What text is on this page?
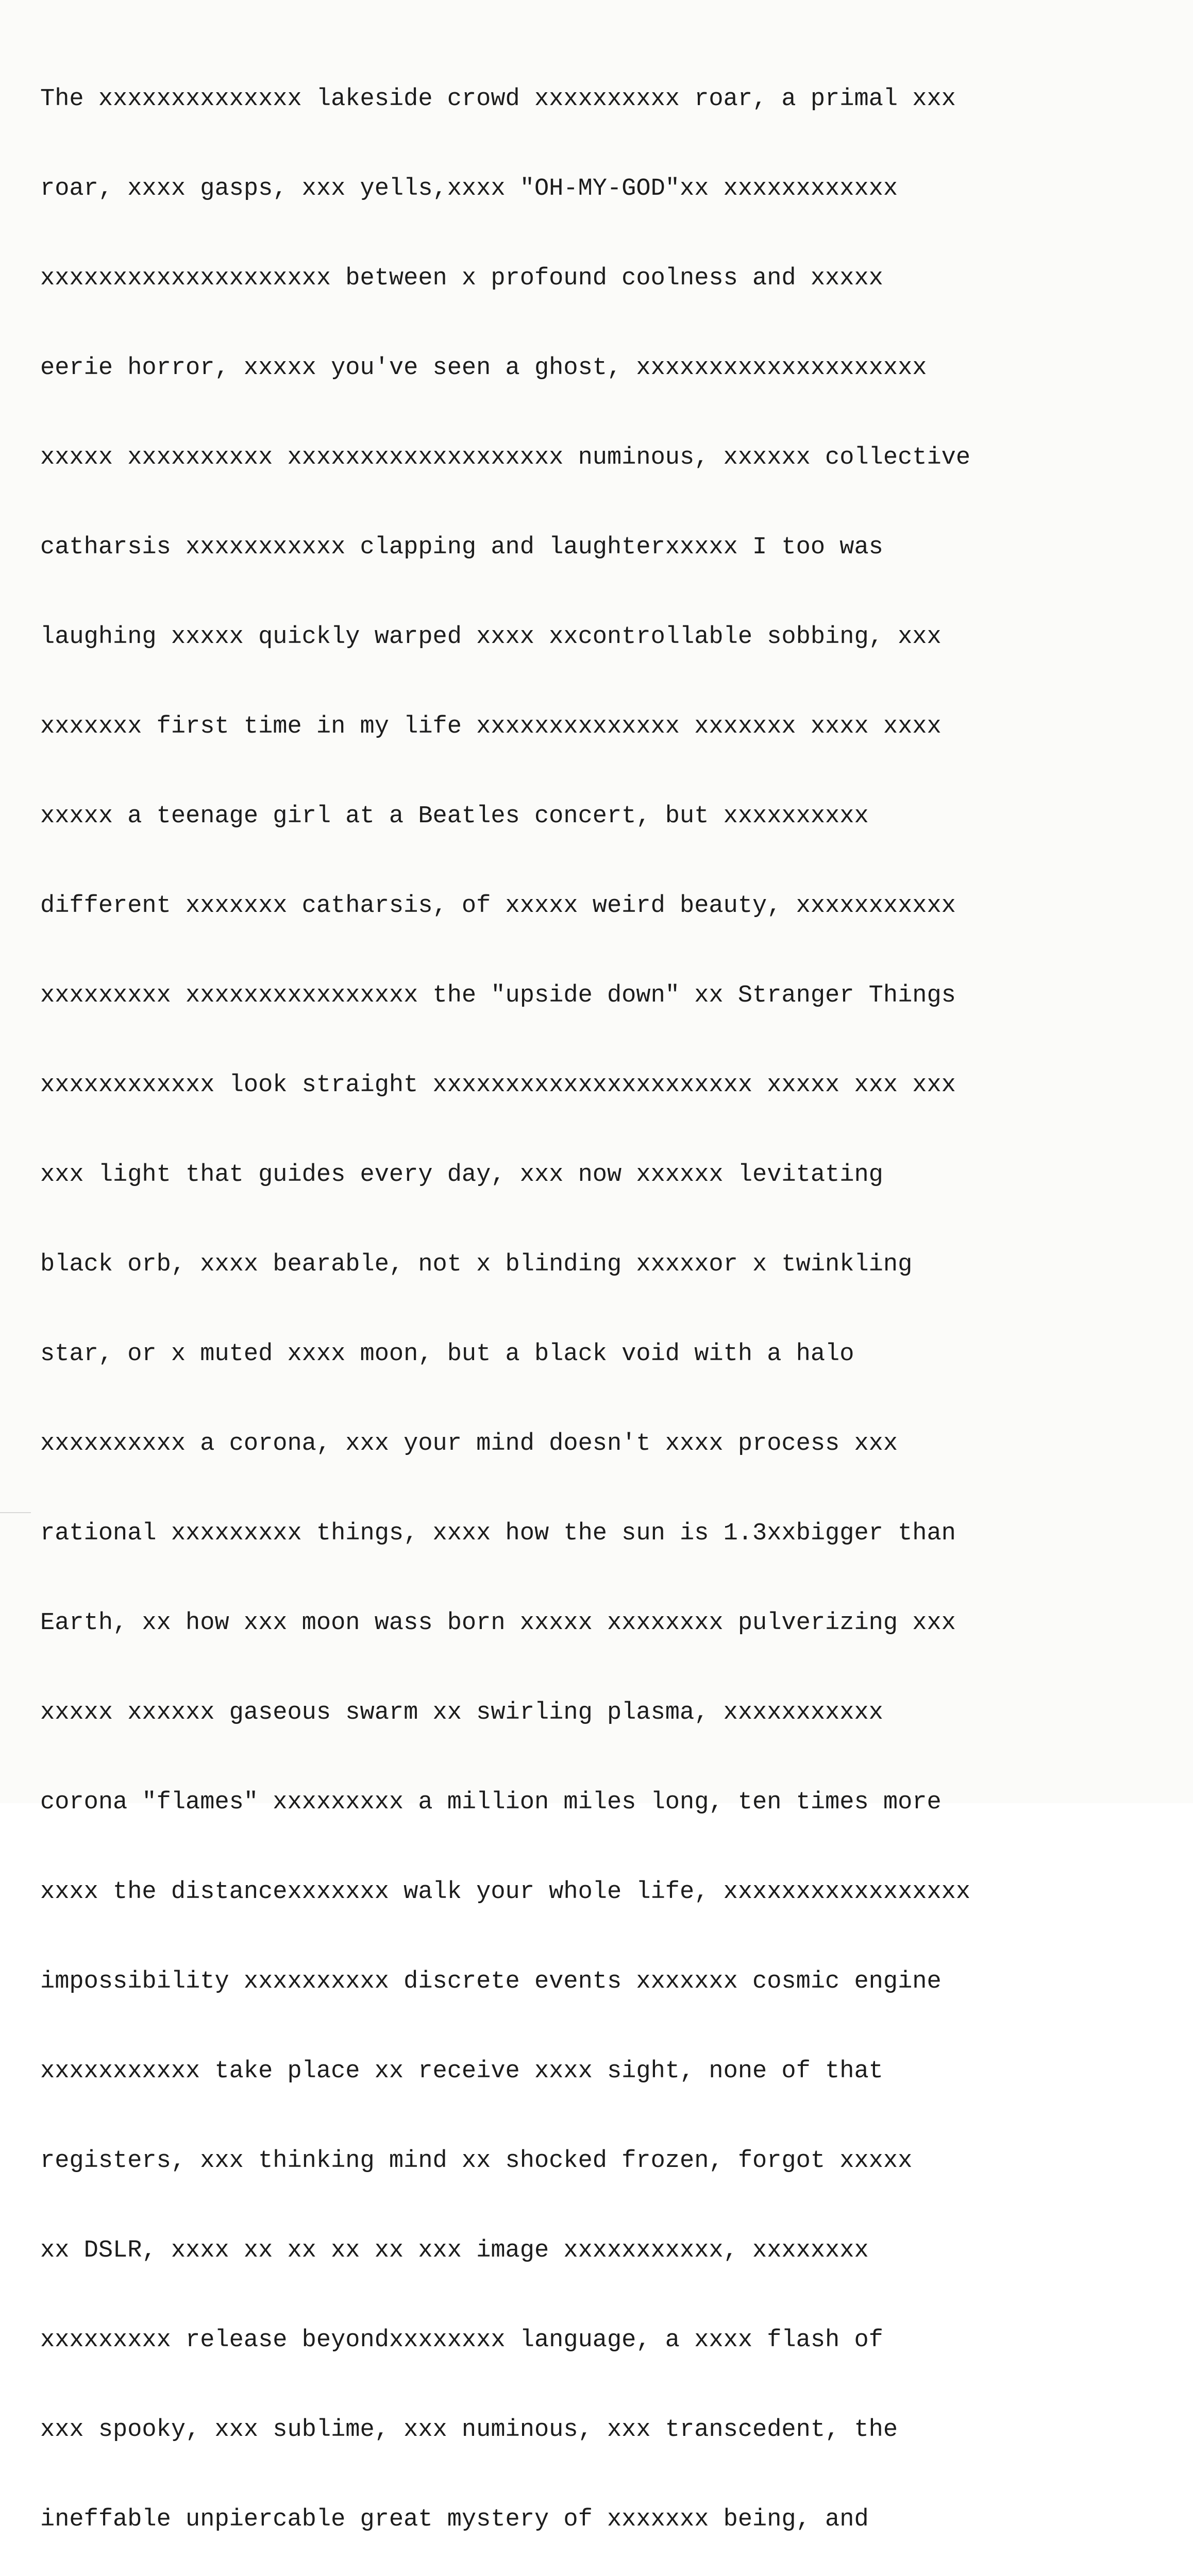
The xxxxxxxxxxxxxx lakeside crowd xxxxxxxxxx roar, a primal xxx

roar, xxxx gasps, xxx yells,xxxx "OH-MY-GOD"xx xxxxxxxxxxxx

xxxxxxxxxxxxxxxxxxxx between x profound coolness and xxxxx

eerie horror, xxxxx you've seen a ghost, xxxxxxxxxxxxxxxxxxxx

xxxxx xxxxxxxxxx xxxxxxxxxxxxxxxxxxx numinous, xxxxxx collective

catharsis xxxxxxxxxxx clapping and laughterxxxxx I too was

laughing xxxxx quickly warped xxxx xxcontrollable sobbing, xxx

xxxxxxx first time in my life xxxxxxxxxxxxxx xxxxxxx xxxx xxxx

xxxxx a teenage girl at a Beatles concert, but xxxxxxxxxx

different xxxxxxx catharsis, of xxxxx weird beauty, xxxxxxxxxxx

xxxxxxxxx xxxxxxxxxxxxxxxx the "upside down" xx Stranger Things

xxxxxxxxxxxx look straight xxxxxxxxxxxxxxxxxxxxxx xxxxx xxx xxx

xxx light that guides every day, xxx now xxxxxx levitating

black orb, xxxx bearable, not x blinding xxxxxor x twinkling

star, or x muted xxxx moon, but a black void with a halo

xxxxxxxxxx a corona, xxx your mind doesn't xxxx process xxx

rational xxxxxxxxx things, xxxx how the sun is 1.3xxbigger than

Earth, xx how xxx moon wass born xxxxx xxxxxxxx pulverizing xxx

xxxxx xxxxxx gaseous swarm xx swirling plasma, xxxxxxxxxxx

corona "flames" xxxxxxxxx a million miles long, ten times more

xxxx the distancexxxxxxx walk your whole life, xxxxxxxxxxxxxxxxx

impossibility xxxxxxxxxx discrete events xxxxxxx cosmic engine

xxxxxxxxxxx take place xx receive xxxx sight, none of that

registers, xxx thinking mind xx shocked frozen, forgot xxxxx

xx DSLR, xxxx xx xx xx xx xxx image xxxxxxxxxxx, xxxxxxxx

xxxxxxxxx release beyondxxxxxxxx language, a xxxx flash of

xxx spooky, xxx sublime, xxx numinous, xxx transcedent, the

ineffable unpiercable great mystery of xxxxxxx being, and
